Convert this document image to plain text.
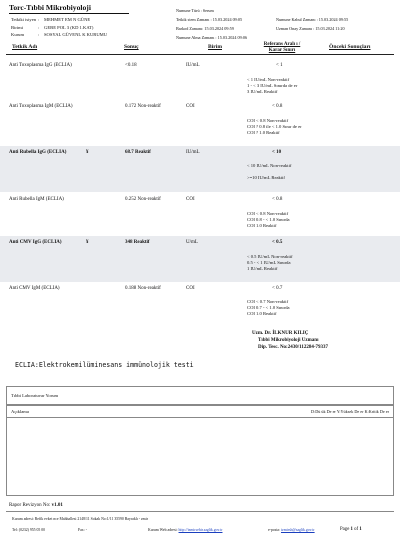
Torc-Tıbbi Mikrobiyoloji
Tetkiki istyen : MEHMET EM N GÜNE
Birimi	: GEBE POL 3 (KD 1.KAT)
Kurum	: SOSYAL GÜVENL K KURUMU
Numune Türü : Serum
Tetkik stem Zamanı : 15.03.2024 09:05
Barkod Zamanı: 15.03.2024 09:59
Numune Alma Zamanı : 15.03.2024 09:06
Numune Kabul Zamanı : 15.03.2024 09:55
Uzman Onay Zamanı : 15.03.2024 11:20
Tetkik Adı	Sonuç	Birim	Referans Aralı ı /
Karar Sınırı	Önceki Sonuçları
Anti Toxoplasma IgG (ECLIA)	<0.18	IU/mL	< 1
< 1 IU/mL Non-reaktif
1 - < 3 IU/mL Sınırda de er
3 IU/mL Reaktif
Anti Toxoplasma IgM (ECLIA)	0.172 Non-reaktif	COI	< 0.8
COI < 0.8 Non-reaktif
COI ? 0.8 ile < 1.0 Sınır de er
COI ? 1.0 Reaktif
Anti Rubella IgG (ECLIA)	¥	68.7 Reaktif	IU/mL	< 10
< 10 IU/mL Non-reaktif

>=10 IU/mL Reaktif
Anti Rubella IgM (ECLIA)	0.252 Non-reaktif	COI	< 0.8
COI < 0.8 Non-reaktif
COI 0.8 - < 1.0 Sınırda
COI 1.0 Reaktif
Anti CMV IgG (ECLIA)	¥	348 Reaktif	U/mL	< 0.5
< 0.5 IU/mL Non-reaktif
0.5 - < 1 IU/mL Sınırda
1 IU/mL Reaktif
Anti CMV IgM (ECLIA)	0.188 Non-reaktif	COI	< 0.7
COI < 0.7 Non-reaktif
COI 0.7 - < 1.0 Sınırda
COI 1.0 Reaktif
Uzm. Dr. İLKNUR KILIÇ
Tıbbi Mikrobiyoloji Uzmanı
Dip. Tesc. No:2430/112284-79337
ECLIA:Elektrokemilüminesans immünolojik testi
Tıbbi Laboratuvar Yorum
Açıklama	D:Dü ük De er Y:Yüksek De er K:Kritik De er
Rapor Revizyon No: v1.01
Kurum adresi: Refik evket nce Mahhallesi 2148/11 Sokak No:1/11 35590 Bayraklı - zmir
Tel: (0232) 955 05 00	Fax: -	Kurum Web adresi: http://izmirsehir.saglik.gov.tr	e-posta: izmirsh@saglik.gov.tr	Page 1 of 1
